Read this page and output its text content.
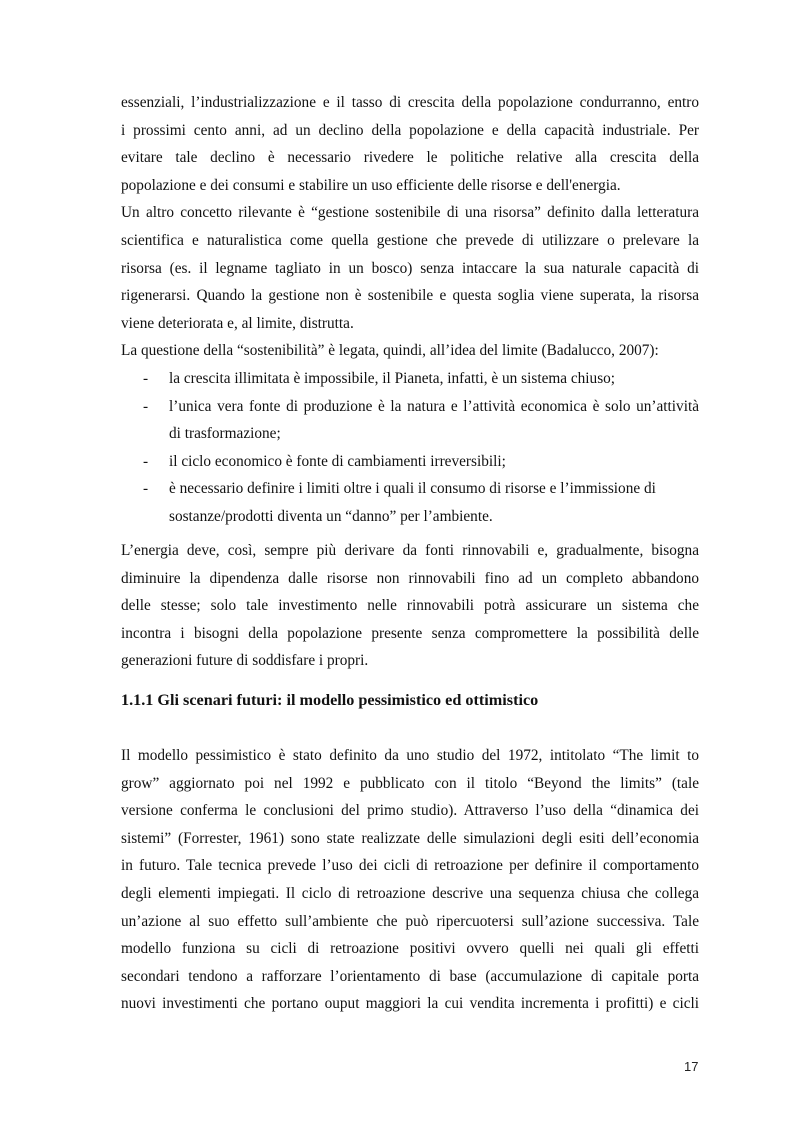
essenziali, l’industrializzazione e il tasso di crescita della popolazione condurranno, entro
i prossimi cento anni, ad un declino della popolazione e della capacità industriale. Per
evitare tale declino è necessario rivedere le politiche relative alla crescita della
popolazione e dei consumi e stabilire un uso efficiente delle risorse e dell'energia.
Un altro concetto rilevante è “gestione sostenibile di una risorsa” definito dalla letteratura
scientifica e naturalistica come quella gestione che prevede di utilizzare o prelevare la
risorsa (es. il legname tagliato in un bosco) senza intaccare la sua naturale capacità di
rigenerarsi. Quando la gestione non è sostenibile e questa soglia viene superata, la risorsa
viene deteriorata e, al limite, distrutta.
La questione della “sostenibilità” è legata, quindi, all’idea del limite (Badalucco, 2007):
- la crescita illimitata è impossibile, il Pianeta, infatti, è un sistema chiuso;
- l’unica vera fonte di produzione è la natura e l’attività economica è solo un’attività
di trasformazione;
- il ciclo economico è fonte di cambiamenti irreversibili;
- è necessario definire i limiti oltre i quali il consumo di risorse e l’immissione di
sostanze/prodotti diventa un “danno” per l’ambiente.
L’energia deve, così, sempre più derivare da fonti rinnovabili e, gradualmente, bisogna
diminuire la dipendenza dalle risorse non rinnovabili fino ad un completo abbandono
delle stesse; solo tale investimento nelle rinnovabili potrà assicurare un sistema che
incontra i bisogni della popolazione presente senza compromettere la possibilità delle
generazioni future di soddisfare i propri.
1.1.1 Gli scenari futuri: il modello pessimistico ed ottimistico
Il modello pessimistico è stato definito da uno studio del 1972, intitolato “The limit to
grow” aggiornato poi nel 1992 e pubblicato con il titolo “Beyond the limits” (tale
versione conferma le conclusioni del primo studio). Attraverso l’uso della “dinamica dei
sistemi” (Forrester, 1961) sono state realizzate delle simulazioni degli esiti dell’economia
in futuro. Tale tecnica prevede l’uso dei cicli di retroazione per definire il comportamento
degli elementi impiegati. Il ciclo di retroazione descrive una sequenza chiusa che collega
un’azione al suo effetto sull’ambiente che può ripercuotersi sull’azione successiva. Tale
modello funziona su cicli di retroazione positivi ovvero quelli nei quali gli effetti
secondari tendono a rafforzare l’orientamento di base (accumulazione di capitale porta
nuovi investimenti che portano ouput maggiori la cui vendita incrementa i profitti) e cicli
17
